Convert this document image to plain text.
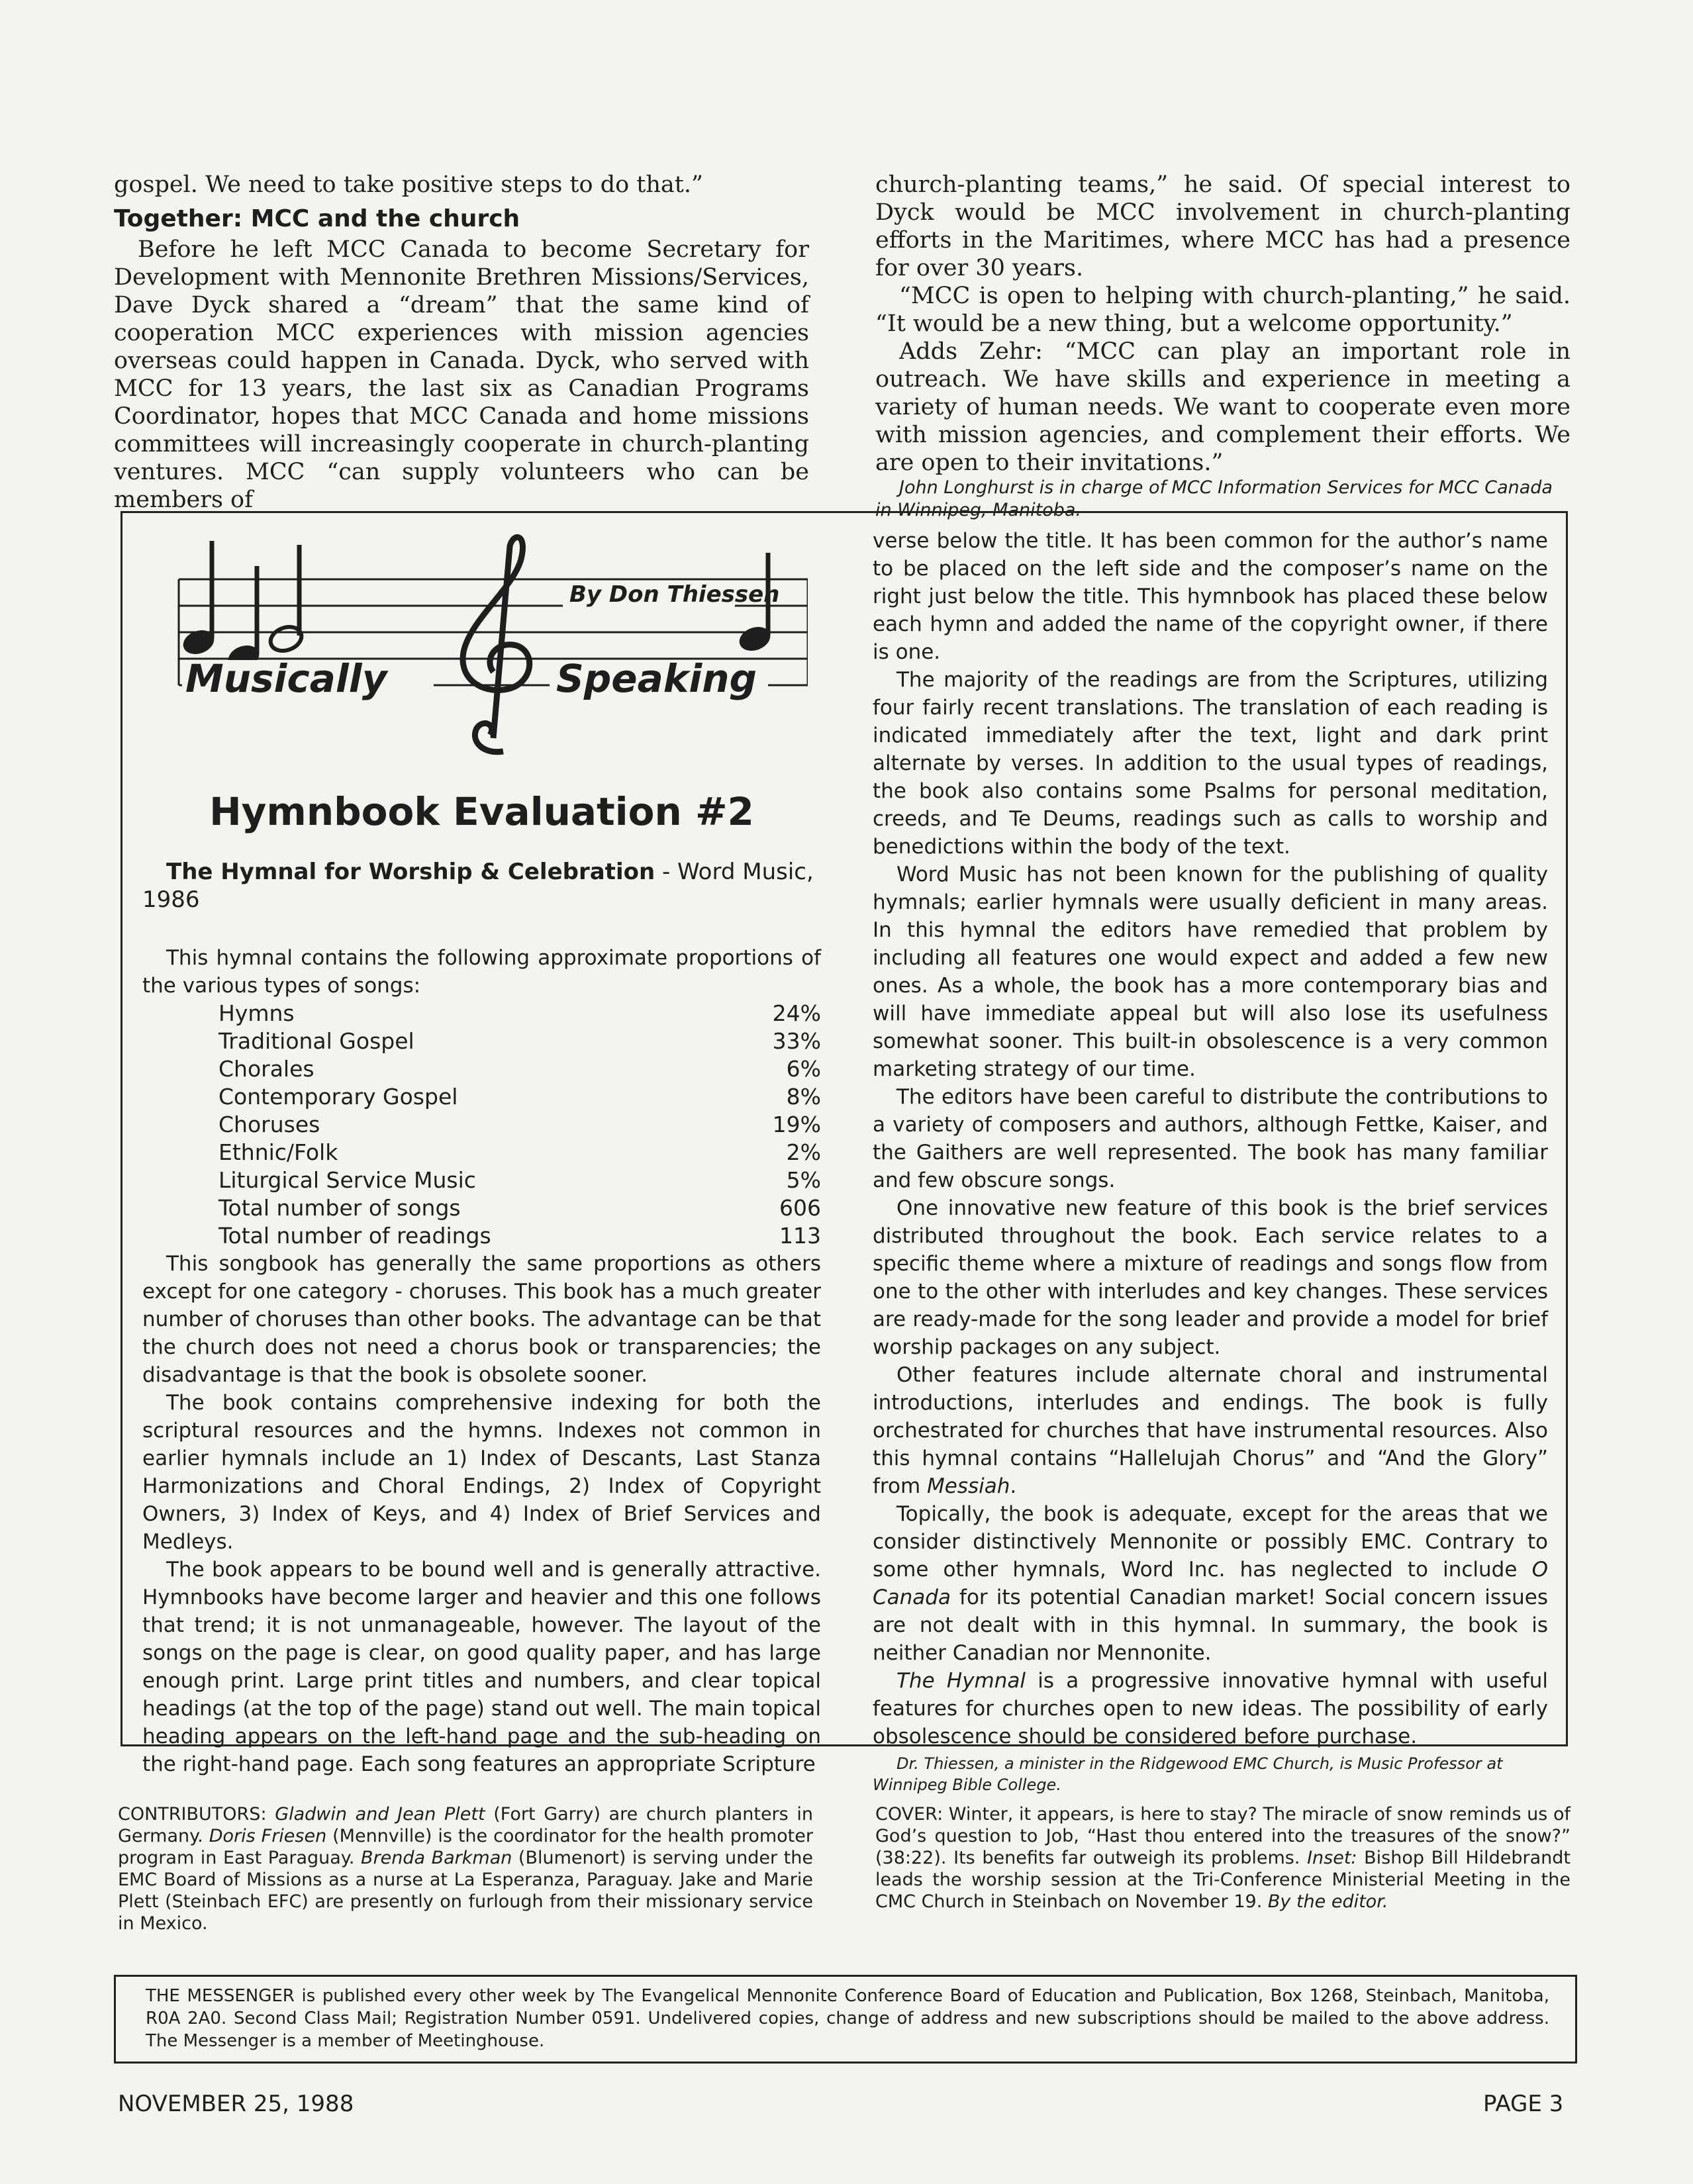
gospel. We need to take positive steps to do that.”

Together: MCC and the church

Before he left MCC Canada to become Secretary for Development with Mennonite Brethren Missions/Services, Dave Dyck shared a “dream” that the same kind of cooperation MCC experiences with mission agencies overseas could happen in Canada. Dyck, who served with MCC for 13 years, the last six as Canadian Programs Coordinator, hopes that MCC Canada and home missions committees will increasingly cooperate in church-planting ventures. MCC “can supply volunteers who can be members of

church-planting teams,” he said. Of special interest to Dyck would be MCC involvement in church-planting efforts in the Maritimes, where MCC has had a presence for over 30 years.

“MCC is open to helping with church-planting,” he said. “It would be a new thing, but a welcome opportunity.”

Adds Zehr: “MCC can play an important role in outreach. We have skills and experience in meeting a variety of human needs. We want to cooperate even more with mission agencies, and complement their efforts. We are open to their invitations.”

John Longhurst is in charge of MCC Information Services for MCC Canada in Winnipeg, Manitoba.

By Don Thiessen
Musically	Speaking
Hymnbook Evaluation #2
The Hymnal for Worship & Celebration - Word Music, 1986

This hymnal contains the following approximate proportions of the various types of songs:

Hymns	24%
Traditional Gospel	33%
Chorales	6%
Contemporary Gospel	8%
Choruses	19%
Ethnic/Folk	2%
Liturgical Service Music	5%
Total number of songs	606
Total number of readings	113

This songbook has generally the same proportions as others except for one category - choruses. This book has a much greater number of choruses than other books. The advantage can be that the church does not need a chorus book or transparencies; the disadvantage is that the book is obsolete sooner.

The book contains comprehensive indexing for both the scriptural resources and the hymns. Indexes not common in earlier hymnals include an 1) Index of Descants, Last Stanza Harmonizations and Choral Endings, 2) Index of Copyright Owners, 3) Index of Keys, and 4) Index of Brief Services and Medleys.

The book appears to be bound well and is generally attractive. Hymnbooks have become larger and heavier and this one follows that trend; it is not unmanageable, however. The layout of the songs on the page is clear, on good quality paper, and has large enough print. Large print titles and numbers, and clear topical headings (at the top of the page) stand out well. The main topical heading appears on the left-hand page and the sub-heading on the right-hand page. Each song features an appropriate Scripture

verse below the title. It has been common for the author’s name to be placed on the left side and the composer’s name on the right just below the title. This hymnbook has placed these below each hymn and added the name of the copyright owner, if there is one.

The majority of the readings are from the Scriptures, utilizing four fairly recent translations. The translation of each reading is indicated immediately after the text, light and dark print alternate by verses. In addition to the usual types of readings, the book also contains some Psalms for personal meditation, creeds, and Te Deums, readings such as calls to worship and benedictions within the body of the text.

Word Music has not been known for the publishing of quality hymnals; earlier hymnals were usually deficient in many areas. In this hymnal the editors have remedied that problem by including all features one would expect and added a few new ones. As a whole, the book has a more contemporary bias and will have immediate appeal but will also lose its usefulness somewhat sooner. This built-in obsolescence is a very common marketing strategy of our time.

The editors have been careful to distribute the contributions to a variety of composers and authors, although Fettke, Kaiser, and the Gaithers are well represented. The book has many familiar and few obscure songs.

One innovative new feature of this book is the brief services distributed throughout the book. Each service relates to a specific theme where a mixture of readings and songs flow from one to the other with interludes and key changes. These services are ready-made for the song leader and provide a model for brief worship packages on any subject.

Other features include alternate choral and instrumental introductions, interludes and endings. The book is fully orchestrated for churches that have instrumental resources. Also this hymnal contains “Hallelujah Chorus” and “And the Glory” from Messiah.

Topically, the book is adequate, except for the areas that we consider distinctively Mennonite or possibly EMC. Contrary to some other hymnals, Word Inc. has neglected to include O Canada for its potential Canadian market! Social concern issues are not dealt with in this hymnal. In summary, the book is neither Canadian nor Mennonite.

The Hymnal is a progressive innovative hymnal with useful features for churches open to new ideas. The possibility of early obsolescence should be considered before purchase.

Dr. Thiessen, a minister in the Ridgewood EMC Church, is Music Professor at Winnipeg Bible College.

CONTRIBUTORS: Gladwin and Jean Plett (Fort Garry) are church planters in Germany. Doris Friesen (Mennville) is the coordinator for the health promoter program in East Paraguay. Brenda Barkman (Blumenort) is serving under the EMC Board of Missions as a nurse at La Esperanza, Paraguay. Jake and Marie Plett (Steinbach EFC) are presently on furlough from their missionary service in Mexico.

COVER: Winter, it appears, is here to stay? The miracle of snow reminds us of God’s question to Job, “Hast thou entered into the treasures of the snow?” (38:22). Its benefits far outweigh its problems. Inset: Bishop Bill Hildebrandt leads the worship session at the Tri-Conference Ministerial Meeting in the CMC Church in Steinbach on November 19. By the editor.

THE MESSENGER is published every other week by The Evangelical Mennonite Conference Board of Education and Publication, Box 1268, Steinbach, Manitoba, R0A 2A0. Second Class Mail; Registration Number 0591. Undelivered copies, change of address and new subscriptions should be mailed to the above address. The Messenger is a member of Meetinghouse.

NOVEMBER 25, 1988	PAGE 3
